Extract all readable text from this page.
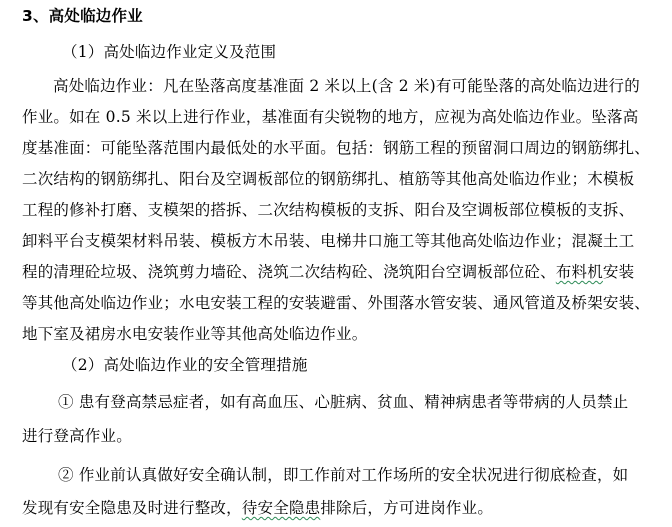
3、高处临边作业
（1）高处临边作业定义及范围
高处临边作业：凡在坠落高度基准面 2 米以上(含 2 米)有可能坠落的高处临边进行的
作业。如在 0.5 米以上进行作业，基准面有尖锐物的地方，应视为高处临边作业。坠落高
度基准面：可能坠落范围内最低处的水平面。包括：钢筋工程的预留洞口周边的钢筋绑扎、
二次结构的钢筋绑扎、阳台及空调板部位的钢筋绑扎、植筋等其他高处临边作业；木模板
工程的修补打磨、支模架的搭拆、二次结构模板的支拆、阳台及空调板部位模板的支拆、
卸料平台支模架材料吊装、模板方木吊装、电梯井口施工等其他高处临边作业；混凝土工
程的清理砼垃圾、浇筑剪力墙砼、浇筑二次结构砼、浇筑阳台空调板部位砼、布料机安装
等其他高处临边作业；水电安装工程的安装避雷、外围落水管安装、通风管道及桥架安装、
地下室及裙房水电安装作业等其他高处临边作业。
（2）高处临边作业的安全管理措施
① 患有登高禁忌症者，如有高血压、心脏病、贫血、精神病患者等带病的人员禁止
进行登高作业。
② 作业前认真做好安全确认制，即工作前对工作场所的安全状况进行彻底检查，如
发现有安全隐患及时进行整改，待安全隐患排除后，方可进岗作业。
